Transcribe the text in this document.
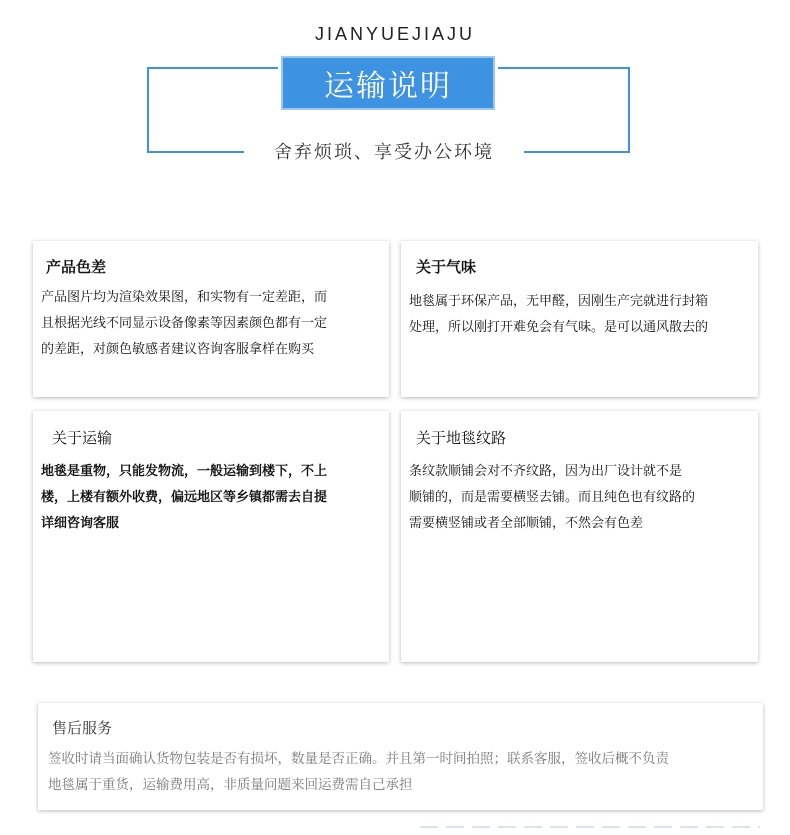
JIANYUEJIAJU
运输说明
舍弃烦琐、享受办公环境
产品色差
产品图片均为渲染效果图，和实物有一定差距，而
且根据光线不同显示设备像素等因素颜色都有一定
的差距，对颜色敏感者建议咨询客服拿样在购买
关于气味
地毯属于环保产品，无甲醛，因刚生产完就进行封箱
处理，所以刚打开难免会有气味。是可以通风散去的
关于运输
地毯是重物，只能发物流，一般运输到楼下，不上
楼，上楼有额外收费，偏远地区等乡镇都需去自提
详细咨询客服
关于地毯纹路
条纹款顺铺会对不齐纹路，因为出厂设计就不是
顺铺的，而是需要横竖去铺。而且纯色也有纹路的
需要横竖铺或者全部顺铺，不然会有色差
售后服务
签收时请当面确认货物包装是否有损坏，数量是否正确。并且第一时间拍照；联系客服，签收后概不负责
地毯属于重货，运输费用高，非质量问题来回运费需自己承担
